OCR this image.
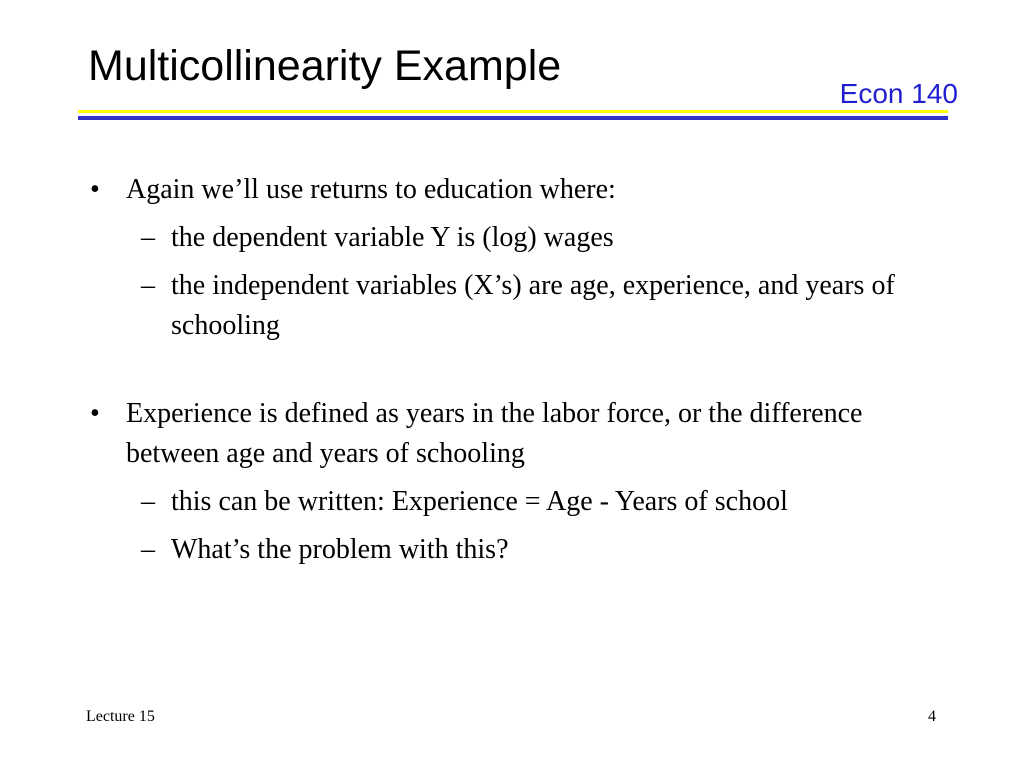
Multicollinearity Example
Econ 140
• Again we’ll use returns to education where:
– the dependent variable Y is (log) wages
– the independent variables (X’s) are age, experience, and years of schooling
• Experience is defined as years in the labor force, or the difference between age and years of schooling
– this can be written: Experience = Age - Years of school
– What’s the problem with this?
Lecture 15	4
